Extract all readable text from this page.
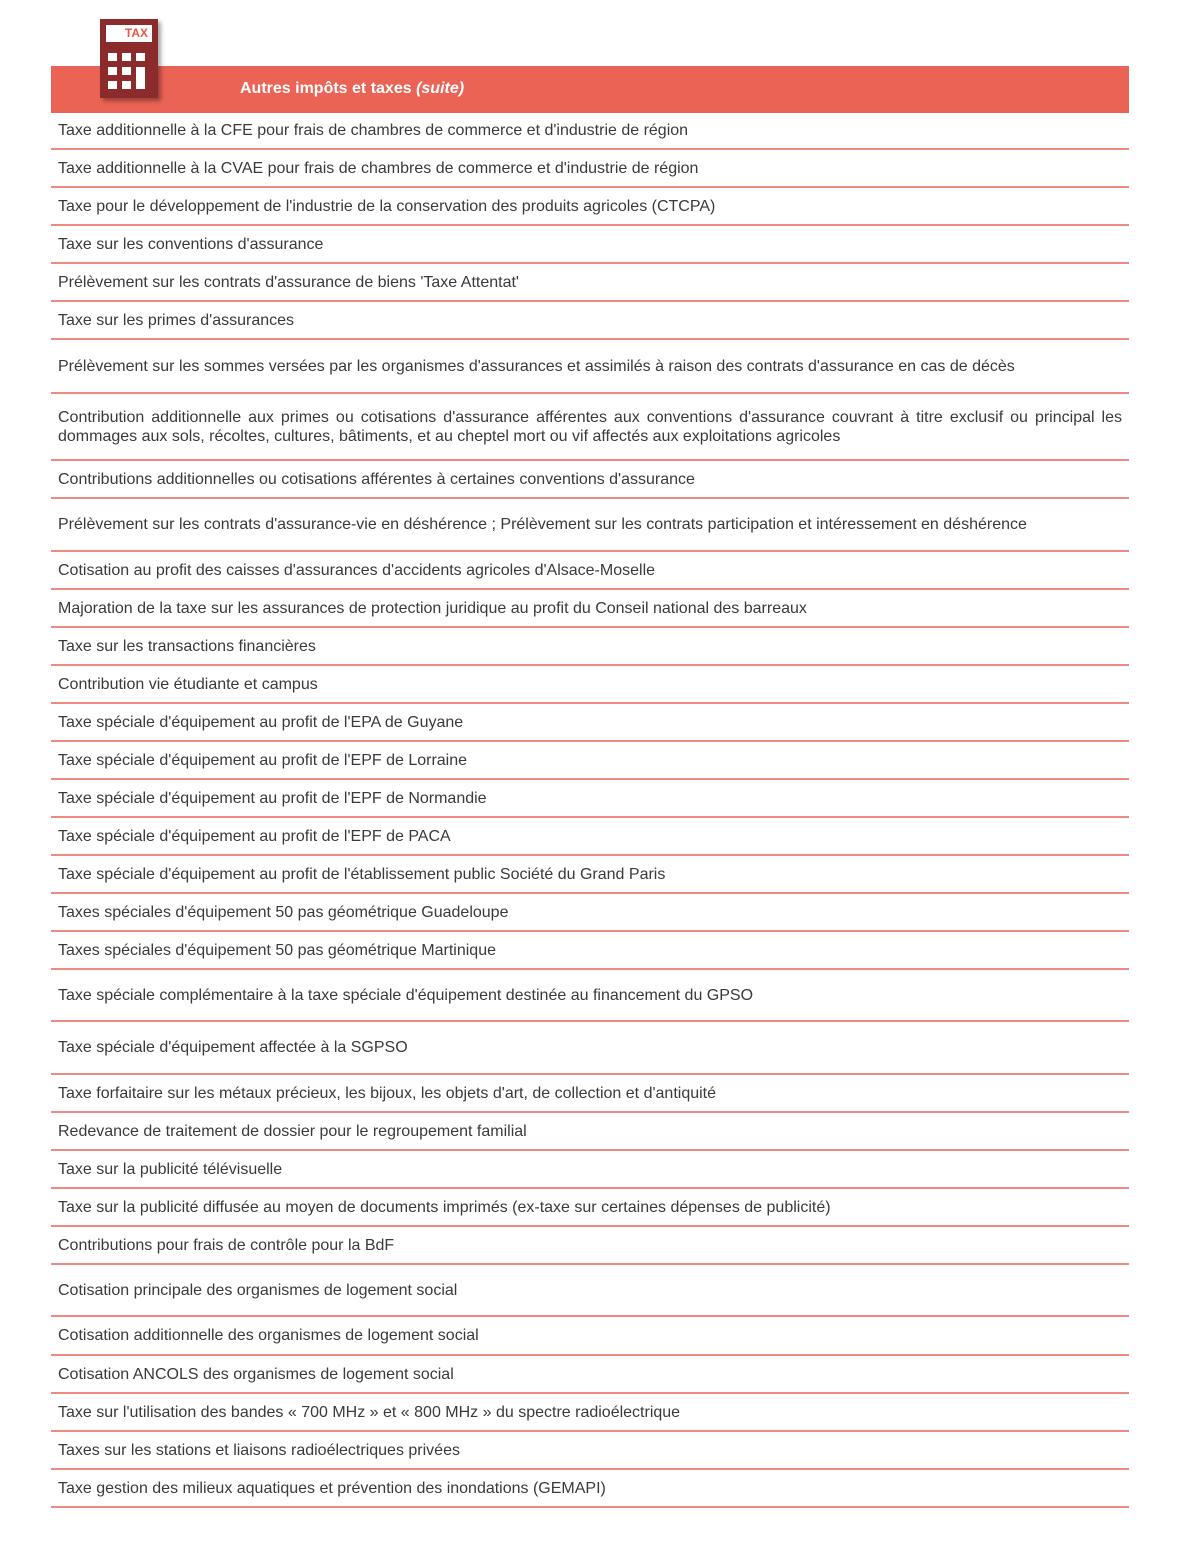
TAX
Autres impôts et taxes (suite)
Taxe additionnelle à la CFE pour frais de chambres de commerce et d'industrie de région
Taxe additionnelle à la CVAE pour frais de chambres de commerce et d'industrie de région
Taxe pour le développement de l'industrie de la conservation des produits agricoles (CTCPA)
Taxe sur les conventions d'assurance
Prélèvement sur les contrats d'assurance de biens 'Taxe Attentat'
Taxe sur les primes d'assurances
Prélèvement sur les sommes versées par les organismes d'assurances et assimilés à raison des contrats d'assurance en cas de décès
Contribution additionnelle aux primes ou cotisations d'assurance afférentes aux conventions d'assurance couvrant à titre exclusif ou principal les dommages aux sols, récoltes, cultures, bâtiments, et au cheptel mort ou vif affectés aux exploitations agricoles
Contributions additionnelles ou cotisations afférentes à certaines conventions d'assurance
Prélèvement sur les contrats d'assurance-vie en déshérence ; Prélèvement sur les contrats participation et intéressement en déshérence
Cotisation au profit des caisses d'assurances d'accidents agricoles d'Alsace-Moselle
Majoration de la taxe sur les assurances de protection juridique au profit du Conseil national des barreaux
Taxe sur les transactions financières
Contribution vie étudiante et campus
Taxe spéciale d'équipement au profit de l'EPA de Guyane
Taxe spéciale d'équipement au profit de l'EPF de Lorraine
Taxe spéciale d'équipement au profit de l'EPF de Normandie
Taxe spéciale d'équipement au profit de l'EPF de PACA
Taxe spéciale d'équipement au profit de l'établissement public Société du Grand Paris
Taxes spéciales d'équipement 50 pas géométrique Guadeloupe
Taxes spéciales d'équipement 50 pas géométrique Martinique
Taxe spéciale complémentaire à la taxe spéciale d'équipement destinée au financement du GPSO
Taxe spéciale d'équipement affectée à la SGPSO
Taxe forfaitaire sur les métaux précieux, les bijoux, les objets d'art, de collection et d'antiquité
Redevance de traitement de dossier pour le regroupement familial
Taxe sur la publicité télévisuelle
Taxe sur la publicité diffusée au moyen de documents imprimés (ex-taxe sur certaines dépenses de publicité)
Contributions pour frais de contrôle pour la BdF
Cotisation principale des organismes de logement social
Cotisation additionnelle des organismes de logement social
Cotisation ANCOLS des organismes de logement social
Taxe sur l'utilisation des bandes « 700 MHz » et « 800 MHz » du spectre radioélectrique
Taxes sur les stations et liaisons radioélectriques privées
Taxe gestion des milieux aquatiques et prévention des inondations (GEMAPI)
